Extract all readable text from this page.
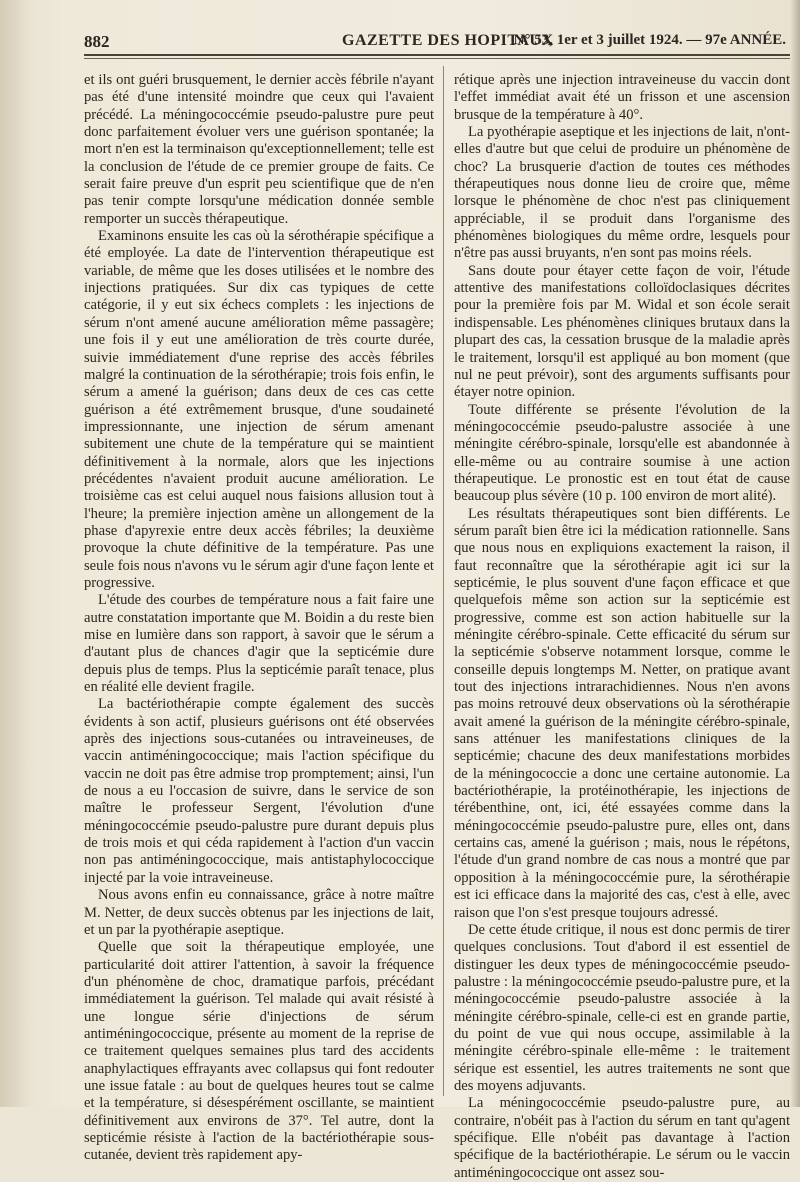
882	GAZETTE DES HOPITAUX
N° 53, 1er et 3 juillet 1924. — 97e ANNÉE.

et ils ont guéri brusquement, le dernier accès fébrile n'ayant pas été d'une intensité moindre que ceux qui l'avaient précédé. La méningococcémie pseudo-palustre pure peut donc parfaitement évoluer vers une guérison spontanée; la mort n'en est la terminaison qu'exceptionnellement; telle est la conclusion de l'étude de ce premier groupe de faits. Ce serait faire preuve d'un esprit peu scientifique que de n'en pas tenir compte lorsqu'une médication donnée semble remporter un succès thérapeutique.

Examinons ensuite les cas où la sérothérapie spécifique a été employée. La date de l'intervention thérapeutique est variable, de même que les doses utilisées et le nombre des injections pratiquées. Sur dix cas typiques de cette catégorie, il y eut six échecs complets : les injections de sérum n'ont amené aucune amélioration même passagère; une fois il y eut une amélioration de très courte durée, suivie immédiatement d'une reprise des accès fébriles malgré la continuation de la sérothérapie; trois fois enfin, le sérum a amené la guérison; dans deux de ces cas cette guérison a été extrêmement brusque, d'une soudaineté impressionnante, une injection de sérum amenant subitement une chute de la température qui se maintient définitivement à la normale, alors que les injections précédentes n'avaient produit aucune amélioration. Le troisième cas est celui auquel nous faisions allusion tout à l'heure; la première injection amène un allongement de la phase d'apyrexie entre deux accès fébriles; la deuxième provoque la chute définitive de la température. Pas une seule fois nous n'avons vu le sérum agir d'une façon lente et progressive.

L'étude des courbes de température nous a fait faire une autre constatation importante que M. Boidin a du reste bien mise en lumière dans son rapport, à savoir que le sérum a d'autant plus de chances d'agir que la septicémie dure depuis plus de temps. Plus la septicémie paraît tenace, plus en réalité elle devient fragile.

La bactériothérapie compte également des succès évidents à son actif, plusieurs guérisons ont été observées après des injections sous-cutanées ou intraveineuses, de vaccin antiméningococcique; mais l'action spécifique du vaccin ne doit pas être admise trop promptement; ainsi, l'un de nous a eu l'occasion de suivre, dans le service de son maître le professeur Sergent, l'évolution d'une méningococcémie pseudo-palustre pure durant depuis plus de trois mois et qui céda rapidement à l'action d'un vaccin non pas antiméningococcique, mais antistaphylococcique injecté par la voie intraveineuse.

Nous avons enfin eu connaissance, grâce à notre maître M. Netter, de deux succès obtenus par les injections de lait, et un par la pyothérapie aseptique.

Quelle que soit la thérapeutique employée, une particularité doit attirer l'attention, à savoir la fréquence d'un phénomène de choc, dramatique parfois, précédant immédiatement la guérison. Tel malade qui avait résisté à une longue série d'injections de sérum antiméningococcique, présente au moment de la reprise de ce traitement quelques semaines plus tard des accidents anaphylactiques effrayants avec collapsus qui font redouter une issue fatale : au bout de quelques heures tout se calme et la température, si désespérément oscillante, se maintient définitivement aux environs de 37°. Tel autre, dont la septicémie résiste à l'action de la bactériothérapie sous-cutanée, devient très rapidement apy-

rétique après une injection intraveineuse du vaccin dont l'effet immédiat avait été un frisson et une ascension brusque de la température à 40°.

La pyothérapie aseptique et les injections de lait, n'ont-elles d'autre but que celui de produire un phénomène de choc? La brusquerie d'action de toutes ces méthodes thérapeutiques nous donne lieu de croire que, même lorsque le phénomène de choc n'est pas cliniquement appréciable, il se produit dans l'organisme des phénomènes biologiques du même ordre, lesquels pour n'être pas aussi bruyants, n'en sont pas moins réels.

Sans doute pour étayer cette façon de voir, l'étude attentive des manifestations colloïdoclasiques décrites pour la première fois par M. Widal et son école serait indispensable. Les phénomènes cliniques brutaux dans la plupart des cas, la cessation brusque de la maladie après le traitement, lorsqu'il est appliqué au bon moment (que nul ne peut prévoir), sont des arguments suffisants pour étayer notre opinion.

Toute différente se présente l'évolution de la méningococcémie pseudo-palustre associée à une méningite cérébro-spinale, lorsqu'elle est abandonnée à elle-même ou au contraire soumise à une action thérapeutique. Le pronostic est en tout état de cause beaucoup plus sévère (10 p. 100 environ de mort alité).

Les résultats thérapeutiques sont bien différents. Le sérum paraît bien être ici la médication rationnelle. Sans que nous nous en expliquions exactement la raison, il faut reconnaître que la sérothérapie agit ici sur la septicémie, le plus souvent d'une façon efficace et que quelquefois même son action sur la septicémie est progressive, comme est son action habituelle sur la méningite cérébro-spinale. Cette efficacité du sérum sur la septicémie s'observe notamment lorsque, comme le conseille depuis longtemps M. Netter, on pratique avant tout des injections intrarachidiennes. Nous n'en avons pas moins retrouvé deux observations où la sérothérapie avait amené la guérison de la méningite cérébro-spinale, sans atténuer les manifestations cliniques de la septicémie; chacune des deux manifestations morbides de la méningococcie a donc une certaine autonomie. La bactériothérapie, la protéinothérapie, les injections de térébenthine, ont, ici, été essayées comme dans la méningococcémie pseudo-palustre pure, elles ont, dans certains cas, amené la guérison ; mais, nous le répétons, l'étude d'un grand nombre de cas nous a montré que par opposition à la méningococcémie pure, la sérothérapie est ici efficace dans la majorité des cas, c'est à elle, avec raison que l'on s'est presque toujours adressé.

De cette étude critique, il nous est donc permis de tirer quelques conclusions. Tout d'abord il est essentiel de distinguer les deux types de méningococcémie pseudo-palustre : la méningococcémie pseudo-palustre pure, et la méningococcémie pseudo-palustre associée à la méningite cérébro-spinale, celle-ci est en grande partie, du point de vue qui nous occupe, assimilable à la méningite cérébro-spinale elle-même : le traitement sérique est essentiel, les autres traitements ne sont que des moyens adjuvants.

La méningococcémie pseudo-palustre pure, au contraire, n'obéit pas à l'action du sérum en tant qu'agent spécifique. Elle n'obéit pas davantage à l'action spécifique de la bactériothérapie. Le sérum ou le vaccin antiméningococcique ont assez sou-
